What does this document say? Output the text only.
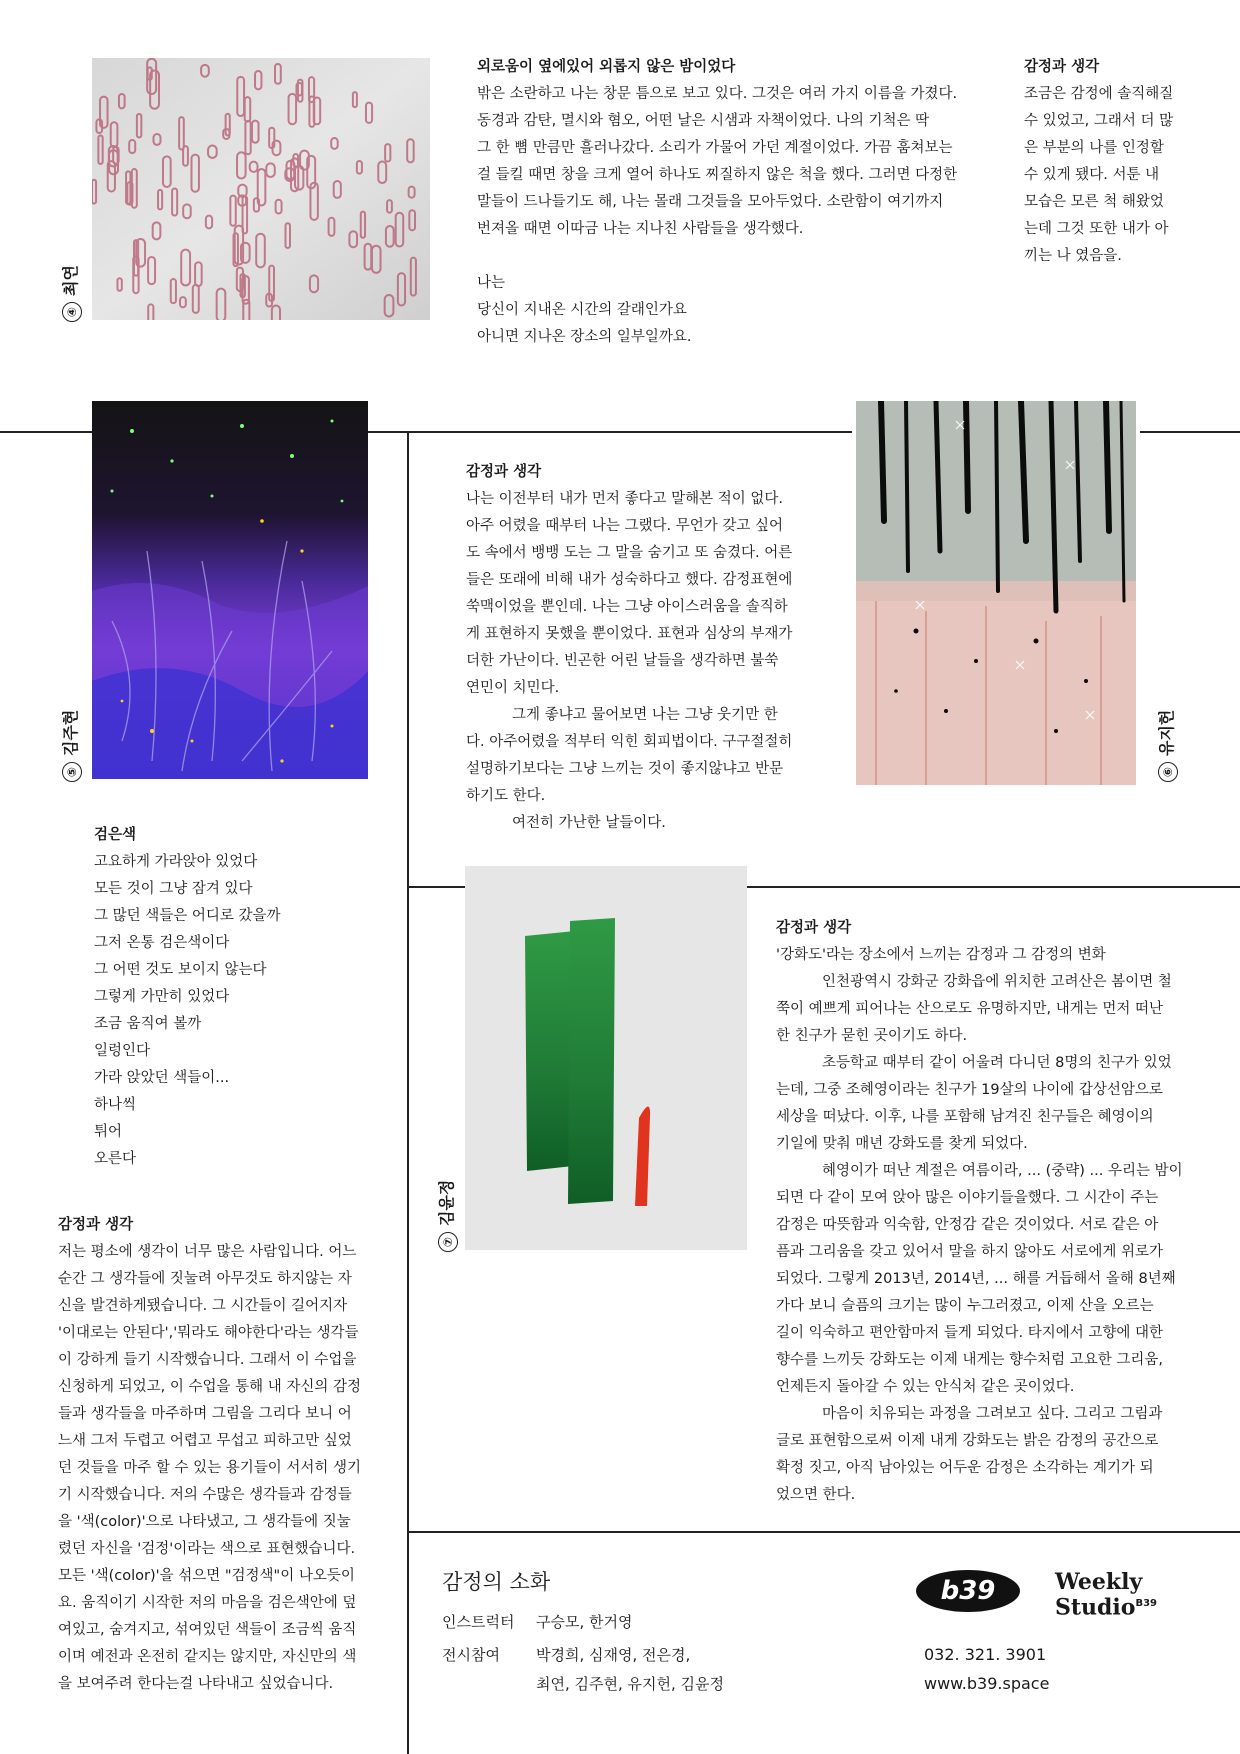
④최연

외로움이 옆에있어 외롭지 않은 밤이었다

밖은 소란하고 나는 창문 틈으로 보고 있다. 그것은 여러 가지 이름을 가졌다.

동경과 감탄, 멸시와 혐오, 어떤 날은 시샘과 자책이었다. 나의 기척은 딱

그 한 뼘 만큼만 흘러나갔다. 소리가 가물어 가던 계절이었다. 가끔 훔쳐보는

걸 들킬 때면 창을 크게 열어 하나도 찌질하지 않은 척을 했다. 그러면 다정한

말들이 드나들기도 해, 나는 몰래 그것들을 모아두었다. 소란함이 여기까지

번져올 때면 이따금 나는 지나친 사람들을 생각했다.

나는

당신이 지내온 시간의 갈래인가요

아니면 지나온 장소의 일부일까요.

감정과 생각

조금은 감정에 솔직해질

수 있었고, 그래서 더 많

은 부분의 나를 인정할

수 있게 됐다. 서툰 내

모습은 모른 척 해왔었

는데 그것 또한 내가 아

끼는 나 였음을.

⑤김주현

감정과 생각

나는 이전부터 내가 먼저 좋다고 말해본 적이 없다.

아주 어렸을 때부터 나는 그랬다. 무언가 갖고 싶어

도 속에서 뱅뱅 도는 그 말을 숨기고 또 숨겼다. 어른

들은 또래에 비해 내가 성숙하다고 했다. 감정표현에

쑥맥이었을 뿐인데. 나는 그냥 아이스러움을 솔직하

게 표현하지 못했을 뿐이었다. 표현과 심상의 부재가

더한 가난이다. 빈곤한 어린 날들을 생각하면 불쑥

연민이 치민다.

그게 좋냐고 물어보면 나는 그냥 웃기만 한

다. 아주어렸을 적부터 익힌 회피법이다. 구구절절히

설명하기보다는 그냥 느끼는 것이 좋지않냐고 반문

하기도 한다.

여전히 가난한 날들이다.

⑥유지헌

검은색

고요하게 가라앉아 있었다

모든 것이 그냥 잠겨 있다

그 많던 색들은 어디로 갔을까

그저 온통 검은색이다

그 어떤 것도 보이지 않는다

그렇게 가만히 있었다

조금 움직여 볼까

일렁인다

가라 앉았던 색들이...

하나씩

튀어

오른다

감정과 생각

저는 평소에 생각이 너무 많은 사람입니다. 어느

순간 그 생각들에 짓눌려 아무것도 하지않는 자

신을 발견하게됐습니다. 그 시간들이 길어지자

'이대로는 안된다','뭐라도 해야한다'라는 생각들

이 강하게 들기 시작했습니다. 그래서 이 수업을

신청하게 되었고, 이 수업을 통해 내 자신의 감정

들과 생각들을 마주하며 그림을 그리다 보니 어

느새 그저 두렵고 어렵고 무섭고 피하고만 싶었

던 것들을 마주 할 수 있는 용기들이 서서히 생기

기 시작했습니다. 저의 수많은 생각들과 감정들

을 '색(color)'으로 나타냈고, 그 생각들에 짓눌

렸던 자신을 '검정'이라는 색으로 표현했습니다.

모든 '색(color)'을 섞으면 "검정색"이 나오듯이

요. 움직이기 시작한 저의 마음을 검은색안에 덮

여있고, 숨겨지고, 섞여있던 색들이 조금씩 움직

이며 예전과 온전히 같지는 않지만, 자신만의 색

을 보여주려 한다는걸 나타내고 싶었습니다.

⑦김윤정

감정과 생각

'강화도'라는 장소에서 느끼는 감정과 그 감정의 변화

인천광역시 강화군 강화읍에 위치한 고려산은 봄이면 철

쭉이 예쁘게 피어나는 산으로도 유명하지만, 내게는 먼저 떠난

한 친구가 묻힌 곳이기도 하다.

초등학교 때부터 같이 어울려 다니던 8명의 친구가 있었

는데, 그중 조혜영이라는 친구가 19살의 나이에 갑상선암으로

세상을 떠났다. 이후, 나를 포함해 남겨진 친구들은 혜영이의

기일에 맞춰 매년 강화도를 찾게 되었다.

혜영이가 떠난 계절은 여름이라, ... (중략) ... 우리는 밤이

되면 다 같이 모여 앉아 많은 이야기들을했다. 그 시간이 주는

감정은 따뜻함과 익숙함, 안정감 같은 것이었다. 서로 같은 아

픔과 그리움을 갖고 있어서 말을 하지 않아도 서로에게 위로가

되었다. 그렇게 2013년, 2014년, ... 해를 거듭해서 올해 8년째

가다 보니 슬픔의 크기는 많이 누그러졌고, 이제 산을 오르는

길이 익숙하고 편안함마저 들게 되었다. 타지에서 고향에 대한

향수를 느끼듯 강화도는 이제 내게는 향수처럼 고요한 그리움,

언제든지 돌아갈 수 있는 안식처 같은 곳이었다.

마음이 치유되는 과정을 그려보고 싶다. 그리고 그림과

글로 표현함으로써 이제 내게 강화도는 밝은 감정의 공간으로

확정 짓고, 아직 남아있는 어두운 감정은 소각하는 계기가 되

었으면 한다.

감정의 소화
인스트럭터 구승모, 한거영
전시참여 박경희, 심재영, 전은경,
최연, 김주현, 유지헌, 김윤정
b39	Weekly
Studio$^{B39}$
032. 321. 3901
www.b39.space
